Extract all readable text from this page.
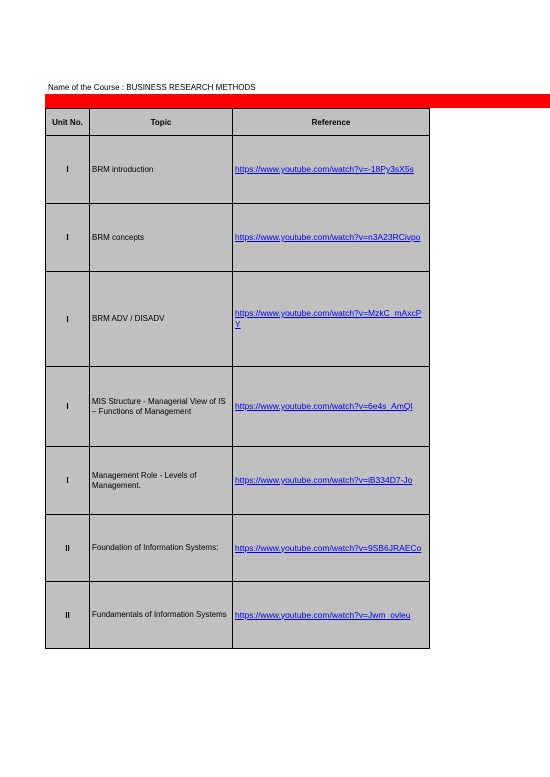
Name of the Course : BUSINESS RESEARCH METHODS
Unit No.	Topic	Reference
I	BRM introduction	https://www.youtube.com/watch?v=-18Py3sX5s
I	BRM concepts	https://www.youtube.com/watch?v=n3A23RCivpo
I	BRM ADV / DISADV	https://www.youtube.com/watch?v=MzkC_mAxcPY
I	MIS Structure - Managerial View of IS – Functions of Management	https://www.youtube.com/watch?v=6e4s_AmQl
I	Management Role - Levels of Management.	https://www.youtube.com/watch?v=iB334D7-Jo
II	Foundation of Information Systems:	https://www.youtube.com/watch?v=9SB6JRAECo
II	Fundamentals of Information Systems	https://www.youtube.com/watch?v=Jwm_ovleu
